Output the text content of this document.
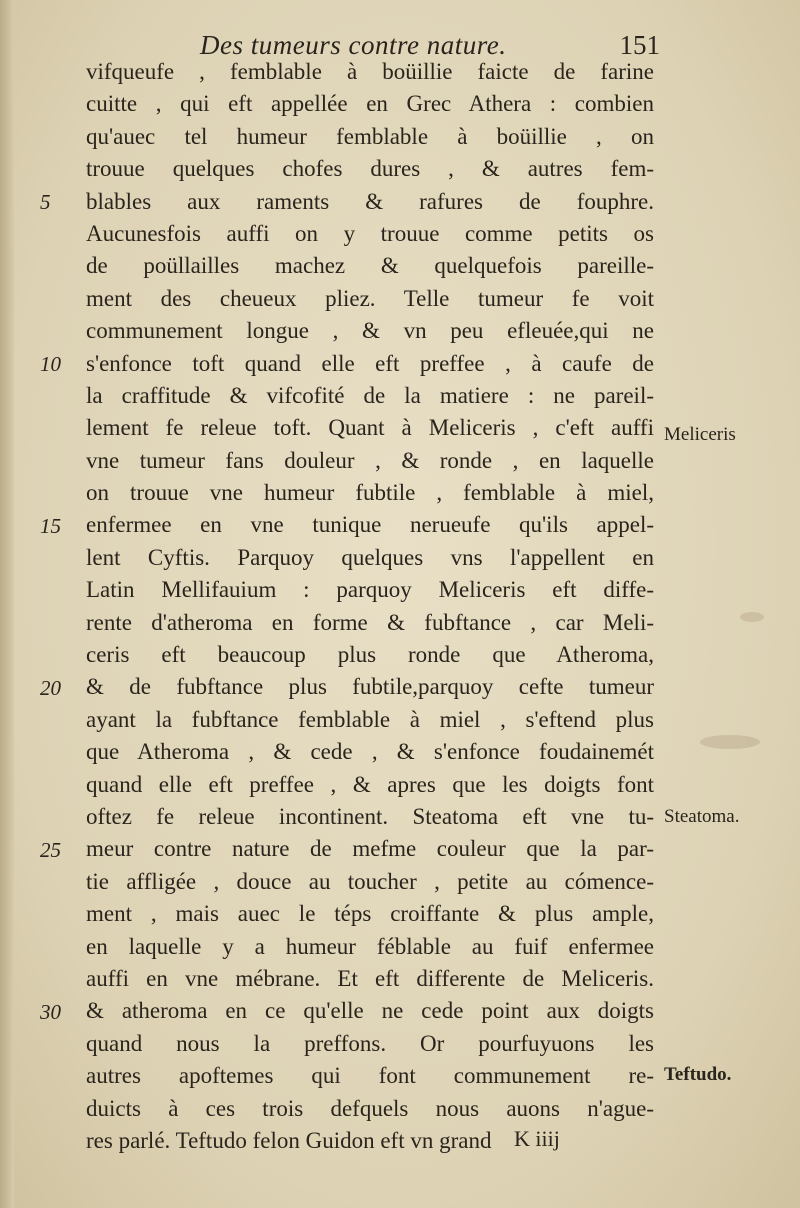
Des tumeurs contre nature.	151
vifqueufe , femblable à boüillie faicte de farine
cuitte , qui eft appellée en Grec Athera : combien
qu'auec tel humeur femblable à boüillie , on
trouue quelques chofes dures , & autres fem-
blables aux raments & rafures de fouphre.
Aucunesfois auffi on y trouue comme petits os
de poüllailles machez & quelquefois pareille-
ment des cheueux pliez. Telle tumeur fe voit
communement longue , & vn peu efleuée,qui ne
s'enfonce toft quand elle eft preffee , à caufe de
la craffitude & vifcofité de la matiere : ne pareil-
lement fe releue toft. Quant à Meliceris , c'eft auffi
vne tumeur fans douleur , & ronde , en laquelle
on trouue vne humeur fubtile , femblable à miel,
enfermee en vne tunique nerueufe qu'ils appel-
lent Cyftis. Parquoy quelques vns l'appellent en
Latin Mellifauium : parquoy Meliceris eft diffe-
rente d'atheroma en forme & fubftance , car Meli-
ceris eft beaucoup plus ronde que Atheroma,
& de fubftance plus fubtile,parquoy cefte tumeur
ayant la fubftance femblable à miel , s'eftend plus
que Atheroma , & cede , & s'enfonce foudainemét
quand elle eft preffee , & apres que les doigts font
oftez fe releue incontinent. Steatoma eft vne tu-
meur contre nature de mefme couleur que la par-
tie affligée , douce au toucher , petite au cómence-
ment , mais auec le téps croiffante & plus ample,
en laquelle y a humeur féblable au fuif enfermee
auffi en vne mébrane. Et eft differente de Meliceris.
& atheroma en ce qu'elle ne cede point aux doigts
quand nous la preffons. Or pourfuyuons les
autres apoftemes qui font communement re-
duicts à ces trois defquels nous auons n'ague-
res parlé. Teftudo felon Guidon eft vn grand
5
10
15
20
25
30
Meliceris
Steatoma.
Teftudo.
K iiij
